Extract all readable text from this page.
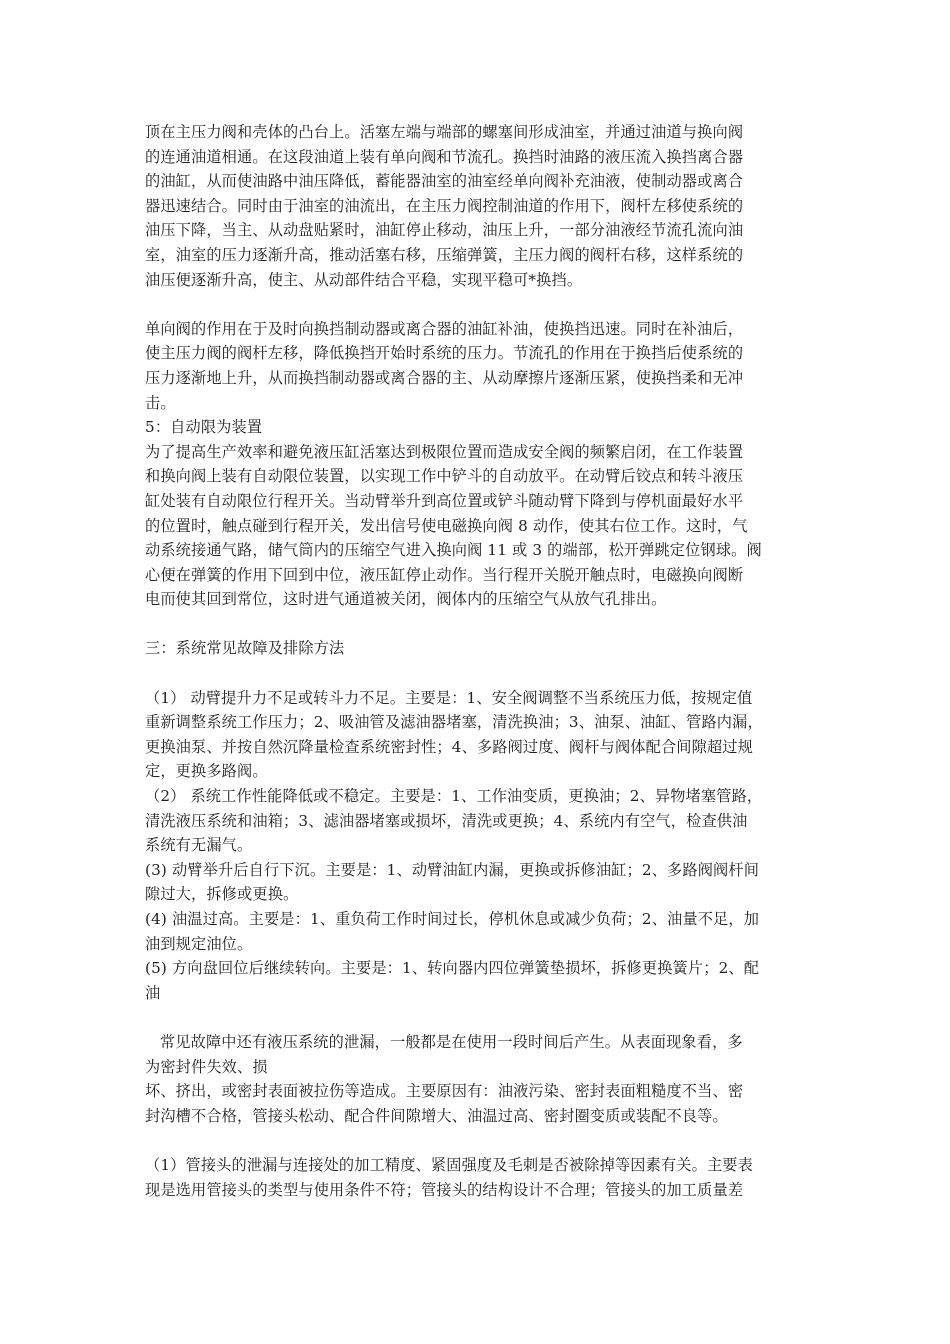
顶在主压力阀和壳体的凸台上。活塞左端与端部的螺塞间形成油室，并通过油道与换向阀
的连通油道相通。在这段油道上装有单向阀和节流孔。换挡时油路的液压流入换挡离合器
的油缸，从而使油路中油压降低，蓄能器油室的油室经单向阀补充油液，使制动器或离合
器迅速结合。同时由于油室的油流出，在主压力阀控制油道的作用下，阀杆左移使系统的
油压下降，当主、从动盘贴紧时，油缸停止移动，油压上升，一部分油液经节流孔流向油
室，油室的压力逐渐升高，推动活塞右移，压缩弹簧，主压力阀的阀杆右移，这样系统的
油压便逐渐升高，使主、从动部件结合平稳，实现平稳可*换挡。
单向阀的作用在于及时向换挡制动器或离合器的油缸补油，使换挡迅速。同时在补油后，
使主压力阀的阀杆左移，降低换挡开始时系统的压力。节流孔的作用在于换挡后使系统的
压力逐渐地上升，从而换挡制动器或离合器的主、从动摩擦片逐渐压紧，使换挡柔和无冲
击。
5：自动限为装置
为了提高生产效率和避免液压缸活塞达到极限位置而造成安全阀的频繁启闭，在工作装置
和换向阀上装有自动限位装置，以实现工作中铲斗的自动放平。在动臂后铰点和转斗液压
缸处装有自动限位行程开关。当动臂举升到高位置或铲斗随动臂下降到与停机面最好水平
的位置时，触点碰到行程开关，发出信号使电磁换向阀 8 动作，使其右位工作。这时，气
动系统接通气路，储气筒内的压缩空气进入换向阀 11 或 3 的端部，松开弹跳定位钢球。阀
心便在弹簧的作用下回到中位，液压缸停止动作。当行程开关脱开触点时，电磁换向阀断
电而使其回到常位，这时进气通道被关闭，阀体内的压缩空气从放气孔排出。
三：系统常见故障及排除方法
（1） 动臂提升力不足或转斗力不足。主要是：1、安全阀调整不当系统压力低，按规定值
重新调整系统工作压力；2、吸油管及滤油器堵塞，清洗换油；3、油泵、油缸、管路内漏，
更换油泵、并按自然沉降量检查系统密封性；4、多路阀过度、阀杆与阀体配合间隙超过规
定，更换多路阀。
（2） 系统工作性能降低或不稳定。主要是：1、工作油变质，更换油；2、异物堵塞管路，
清洗液压系统和油箱；3、滤油器堵塞或损坏，清洗或更换；4、系统内有空气，检查供油
系统有无漏气。
(3) 动臂举升后自行下沉。主要是：1、动臂油缸内漏，更换或拆修油缸；2、多路阀阀杆间
隙过大，拆修或更换。
(4) 油温过高。主要是：1、重负荷工作时间过长，停机休息或减少负荷；2、油量不足，加
油到规定油位。
(5) 方向盘回位后继续转向。主要是：1、转向器内四位弹簧垫损坏，拆修更换簧片；2、配
油
常见故障中还有液压系统的泄漏，一般都是在使用一段时间后产生。从表面现象看，多
为密封件失效、损
坏、挤出，或密封表面被拉伤等造成。主要原因有：油液污染、密封表面粗糙度不当、密
封沟槽不合格，管接头松动、配合件间隙增大、油温过高、密封圈变质或装配不良等。
（1）管接头的泄漏与连接处的加工精度、紧固强度及毛刺是否被除掉等因素有关。主要表
现是选用管接头的类型与使用条件不符；管接头的结构设计不合理；管接头的加工质量差
